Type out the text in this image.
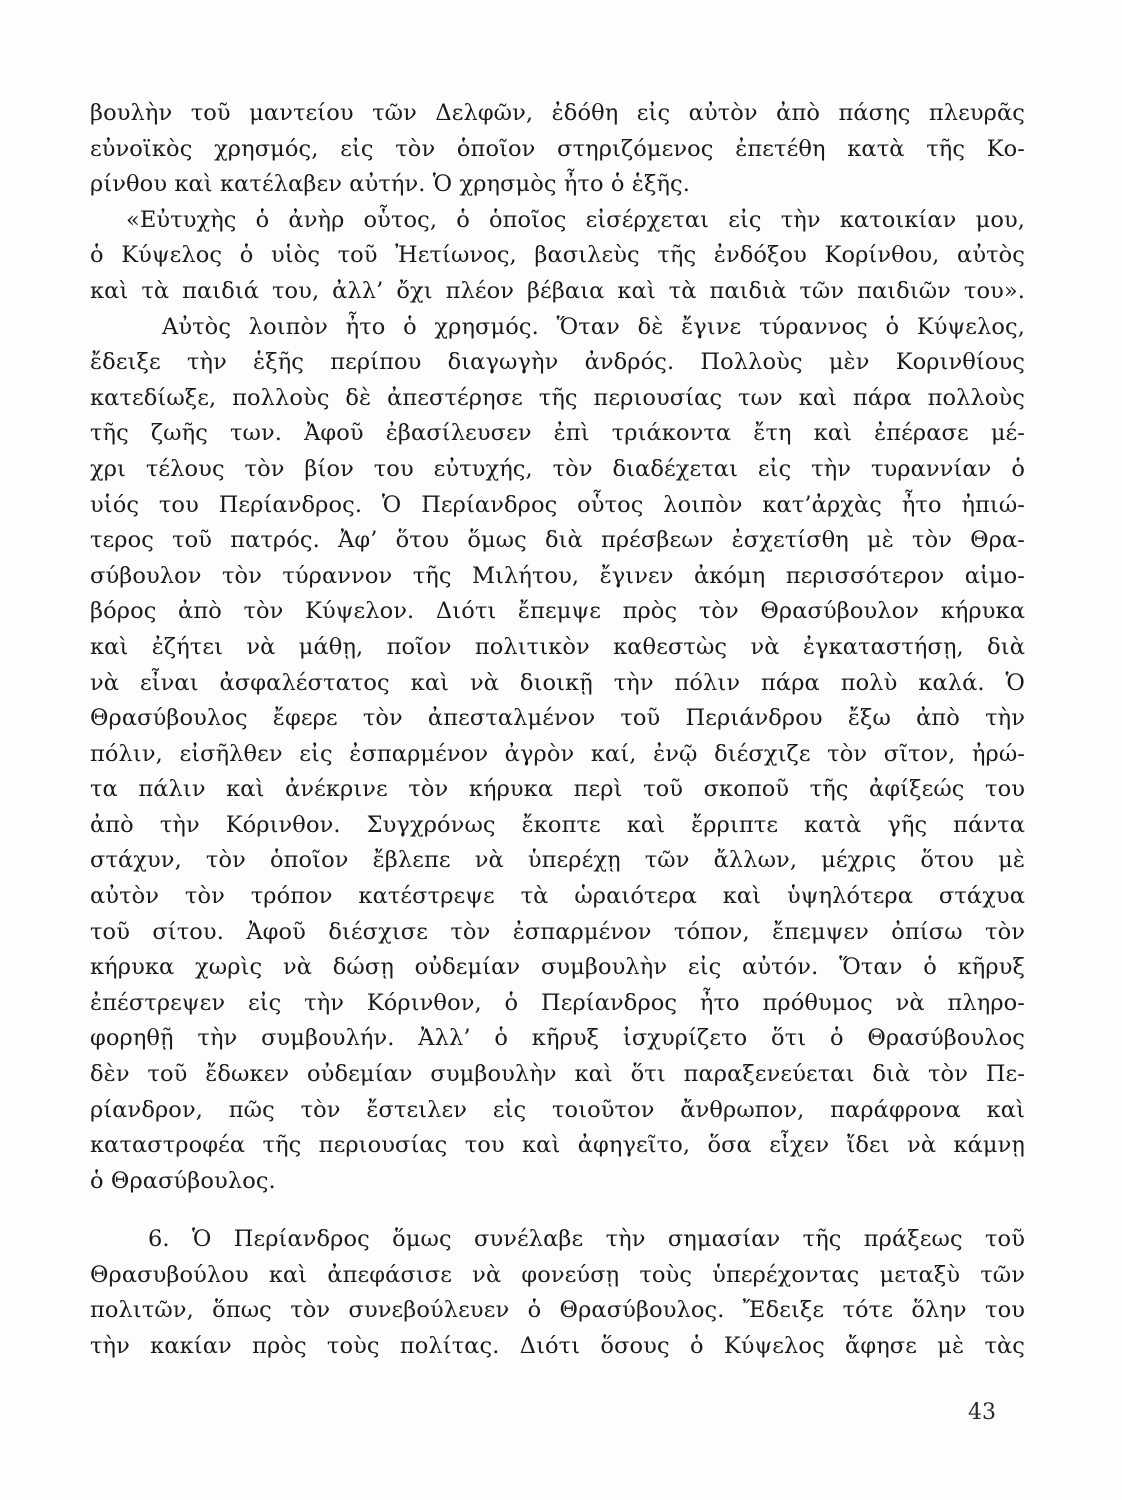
βουλὴν τοῦ μαντείου τῶν Δελφῶν, ἐδόθη εἰς αὐτὸν ἀπὸ πάσης πλευρᾶς
εὐνοϊκὸς χρησμός, εἰς τὸν ὁποῖον στηριζόμενος ἐπετέθη κατὰ τῆς Κο-
ρίνθου καὶ κατέλαβεν αὐτήν. Ὁ χρησμὸς ἦτο ὁ ἑξῆς.
«Εὐτυχὴς ὁ ἀνὴρ οὗτος, ὁ ὁποῖος εἰσέρχεται εἰς τὴν κατοικίαν μου,
ὁ Κύψελος ὁ υἱὸς τοῦ Ἠετίωνος, βασιλεὺς τῆς ἐνδόξου Κορίνθου, αὐτὸς
καὶ τὰ παιδιά του, ἀλλ’ ὄχι πλέον βέβαια καὶ τὰ παιδιὰ τῶν παιδιῶν του».
Αὐτὸς λοιπὸν ἦτο ὁ χρησμός. Ὅταν δὲ ἔγινε τύραννος ὁ Κύψελος,
ἔδειξε τὴν ἑξῆς περίπου διαγωγὴν ἀνδρός. Πολλοὺς μὲν Κορινθίους
κατεδίωξε, πολλοὺς δὲ ἀπεστέρησε τῆς περιουσίας των καὶ πάρα πολλοὺς
τῆς ζωῆς των. Ἀφοῦ ἐβασίλευσεν ἐπὶ τριάκοντα ἔτη καὶ ἐπέρασε μέ-
χρι τέλους τὸν βίον του εὐτυχής, τὸν διαδέχεται εἰς τὴν τυραννίαν ὁ
υἱός του Περίανδρος. Ὁ Περίανδρος οὗτος λοιπὸν κατ’ἀρχὰς ἦτο ἠπιώ-
τερος τοῦ πατρός. Ἀφ’ ὅτου ὅμως διὰ πρέσβεων ἐσχετίσθη μὲ τὸν Θρα-
σύβουλον τὸν τύραννον τῆς Μιλήτου, ἔγινεν ἀκόμη περισσότερον αἱμο-
βόρος ἀπὸ τὸν Κύψελον. Διότι ἔπεμψε πρὸς τὸν Θρασύβουλον κήρυκα
καὶ ἐζήτει νὰ μάθῃ, ποῖον πολιτικὸν καθεστὼς νὰ ἐγκαταστήσῃ, διὰ
νὰ εἶναι ἀσφαλέστατος καὶ νὰ διοικῇ τὴν πόλιν πάρα πολὺ καλά. Ὁ
Θρασύβουλος ἔφερε τὸν ἀπεσταλμένον τοῦ Περιάνδρου ἔξω ἀπὸ τὴν
πόλιν, εἰσῆλθεν εἰς ἐσπαρμένον ἀγρὸν καί, ἐνῷ διέσχιζε τὸν σῖτον, ἠρώ-
τα πάλιν καὶ ἀνέκρινε τὸν κήρυκα περὶ τοῦ σκοποῦ τῆς ἀφίξεώς του
ἀπὸ τὴν Κόρινθον. Συγχρόνως ἔκοπτε καὶ ἔρριπτε κατὰ γῆς πάντα
στάχυν, τὸν ὁποῖον ἔβλεπε νὰ ὑπερέχῃ τῶν ἄλλων, μέχρις ὅτου μὲ
αὐτὸν τὸν τρόπον κατέστρεψε τὰ ὡραιότερα καὶ ὑψηλότερα στάχυα
τοῦ σίτου. Ἀφοῦ διέσχισε τὸν ἐσπαρμένον τόπον, ἔπεμψεν ὀπίσω τὸν
κήρυκα χωρὶς νὰ δώσῃ οὐδεμίαν συμβουλὴν εἰς αὐτόν. Ὅταν ὁ κῆρυξ
ἐπέστρεψεν εἰς τὴν Κόρινθον, ὁ Περίανδρος ἦτο πρόθυμος νὰ πληρο-
φορηθῇ τὴν συμβουλήν. Ἀλλ’ ὁ κῆρυξ ἰσχυρίζετο ὅτι ὁ Θρασύβουλος
δὲν τοῦ ἔδωκεν οὐδεμίαν συμβουλὴν καὶ ὅτι παραξενεύεται διὰ τὸν Πε-
ρίανδρον, πῶς τὸν ἔστειλεν εἰς τοιοῦτον ἄνθρωπον, παράφρονα καὶ
καταστροφέα τῆς περιουσίας του καὶ ἀφηγεῖτο, ὅσα εἶχεν ἴδει νὰ κάμνῃ
ὁ Θρασύβουλος.
6. Ὁ Περίανδρος ὅμως συνέλαβε τὴν σημασίαν τῆς πράξεως τοῦ
Θρασυβούλου καὶ ἀπεφάσισε νὰ φονεύσῃ τοὺς ὑπερέχοντας μεταξὺ τῶν
πολιτῶν, ὅπως τὸν συνεβούλευεν ὁ Θρασύβουλος. Ἔδειξε τότε ὅλην του
τὴν κακίαν πρὸς τοὺς πολίτας. Διότι ὅσους ὁ Κύψελος ἄφησε μὲ τὰς
43
